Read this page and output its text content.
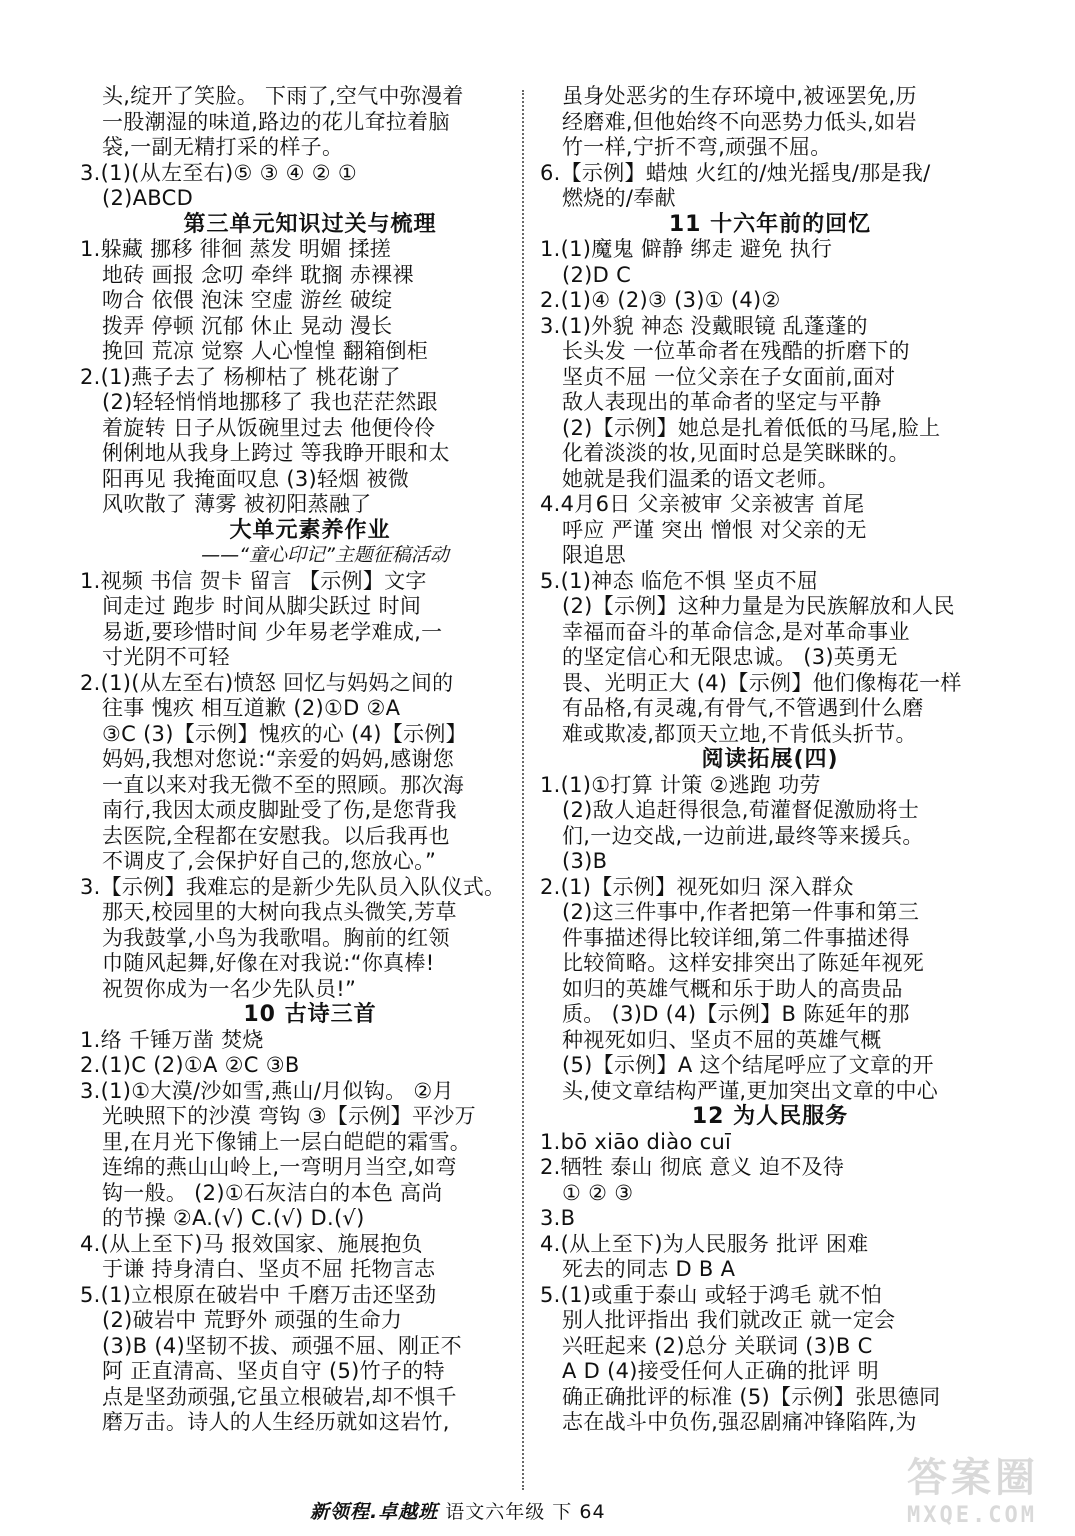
头,绽开了笑脸。 下雨了,空气中弥漫着
一股潮湿的味道,路边的花儿耷拉着脑
袋,一副无精打采的样子。
3.(1)(从左至右)⑤ ③ ④ ② ①
(2)ABCD
第三单元知识过关与梳理
1.躲藏 挪移 徘徊 蒸发 明媚 揉搓
地砖 画报 念叨 牵绊 耽搁 赤裸裸
吻合 依偎 泡沫 空虚 游丝 破绽
拨弄 停顿 沉郁 休止 晃动 漫长
挽回 荒凉 觉察 人心惶惶 翻箱倒柜
2.(1)燕子去了 杨柳枯了 桃花谢了
(2)轻轻悄悄地挪移了 我也茫茫然跟
着旋转 日子从饭碗里过去 他便伶伶
俐俐地从我身上跨过 等我睁开眼和太
阳再见 我掩面叹息 (3)轻烟 被微
风吹散了 薄雾 被初阳蒸融了
大单元素养作业
——“童心印记”主题征稿活动
1.视频 书信 贺卡 留言 【示例】文字
间走过 跑步 时间从脚尖跃过 时间
易逝,要珍惜时间 少年易老学难成,一
寸光阴不可轻
2.(1)(从左至右)愤怒 回忆与妈妈之间的
往事 愧疚 相互道歉 (2)①D ②A
③C (3)【示例】愧疚的心 (4)【示例】
妈妈,我想对您说:“亲爱的妈妈,感谢您
一直以来对我无微不至的照顾。那次海
南行,我因太顽皮脚趾受了伤,是您背我
去医院,全程都在安慰我。以后我再也
不调皮了,会保护好自己的,您放心。”
3.【示例】我难忘的是新少先队员入队仪式。
那天,校园里的大树向我点头微笑,芳草
为我鼓掌,小鸟为我歌唱。胸前的红领
巾随风起舞,好像在对我说:“你真棒!
祝贺你成为一名少先队员!”
10 古诗三首
1.络 千锤万凿 焚烧
2.(1)C (2)①A ②C ③B
3.(1)①大漠/沙如雪,燕山/月似钩。 ②月
光映照下的沙漠 弯钩 ③【示例】平沙万
里,在月光下像铺上一层白皑皑的霜雪。
连绵的燕山山岭上,一弯明月当空,如弯
钩一般。 (2)①石灰洁白的本色 高尚
的节操 ②A.(√) C.(√) D.(√)
4.(从上至下)马 报效国家、施展抱负
于谦 持身清白、坚贞不屈 托物言志
5.(1)立根原在破岩中 千磨万击还坚劲
(2)破岩中 荒野外 顽强的生命力
(3)B (4)坚韧不拔、顽强不屈、刚正不
阿 正直清高、坚贞自守 (5)竹子的特
点是坚劲顽强,它虽立根破岩,却不惧千
磨万击。诗人的人生经历就如这岩竹,
虽身处恶劣的生存环境中,被诬罢免,历
经磨难,但他始终不向恶势力低头,如岩
竹一样,宁折不弯,顽强不屈。
6.【示例】蜡烛 火红的/烛光摇曳/那是我/
燃烧的/奉献
11 十六年前的回忆
1.(1)魔鬼 僻静 绑走 避免 执行
(2)D C
2.(1)④ (2)③ (3)① (4)②
3.(1)外貌 神态 没戴眼镜 乱蓬蓬的
长头发 一位革命者在残酷的折磨下的
坚贞不屈 一位父亲在子女面前,面对
敌人表现出的革命者的坚定与平静
(2)【示例】她总是扎着低低的马尾,脸上
化着淡淡的妆,见面时总是笑眯眯的。
她就是我们温柔的语文老师。
4.4月6日 父亲被审 父亲被害 首尾
呼应 严谨 突出 憎恨 对父亲的无
限追思
5.(1)神态 临危不惧 坚贞不屈
(2)【示例】这种力量是为民族解放和人民
幸福而奋斗的革命信念,是对革命事业
的坚定信心和无限忠诚。 (3)英勇无
畏、光明正大 (4)【示例】他们像梅花一样
有品格,有灵魂,有骨气,不管遇到什么磨
难或欺凌,都顶天立地,不肯低头折节。
阅读拓展(四)
1.(1)①打算 计策 ②逃跑 功劳
(2)敌人追赶得很急,荀灌督促激励将士
们,一边交战,一边前进,最终等来援兵。
(3)B
2.(1)【示例】视死如归 深入群众
(2)这三件事中,作者把第一件事和第三
件事描述得比较详细,第二件事描述得
比较简略。这样安排突出了陈延年视死
如归的英雄气概和乐于助人的高贵品
质。 (3)D (4)【示例】B 陈延年的那
种视死如归、坚贞不屈的英雄气概
(5)【示例】A 这个结尾呼应了文章的开
头,使文章结构严谨,更加突出文章的中心
12 为人民服务
1.bō xiāo diào cuī
2.牺牲 泰山 彻底 意义 迫不及待
① ② ③
3.B
4.(从上至下)为人民服务 批评 困难
死去的同志 D B A
5.(1)或重于泰山 或轻于鸿毛 就不怕
别人批评指出 我们就改正 就一定会
兴旺起来 (2)总分 关联词 (3)B C
A D (4)接受任何人正确的批评 明
确正确批评的标准 (5)【示例】张思德同
志在战斗中负伤,强忍剧痛冲锋陷阵,为
新领程.卓越班 语文六年级 下 64
答案圈
MXQE.COM
